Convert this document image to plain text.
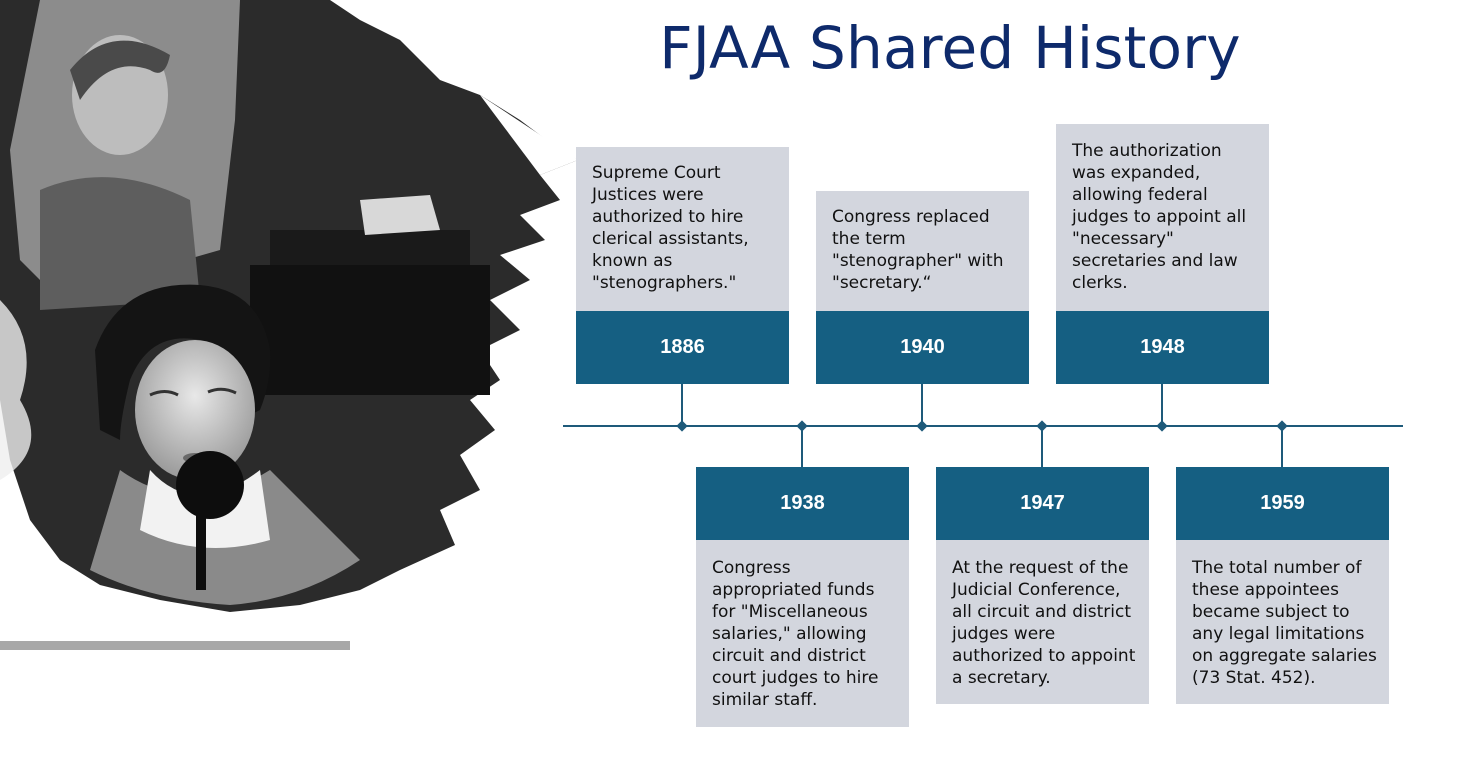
FJAA Shared History
Supreme Court Justices were authorized to hire clerical assistants, known as "stenographers."
1886
1938
Congress appropriated funds for "Miscellaneous salaries," allowing circuit and district court judges to hire similar staff.
Congress replaced the term "stenographer" with "secretary.“
1940
1947
At the request of the Judicial Conference, all circuit and district judges were authorized to appoint a secretary.
The authorization was expanded, allowing federal judges to appoint all "necessary" secretaries and law clerks.
1948
1959
The total number of these appointees became subject to any legal limitations on aggregate salaries (73 Stat. 452).
